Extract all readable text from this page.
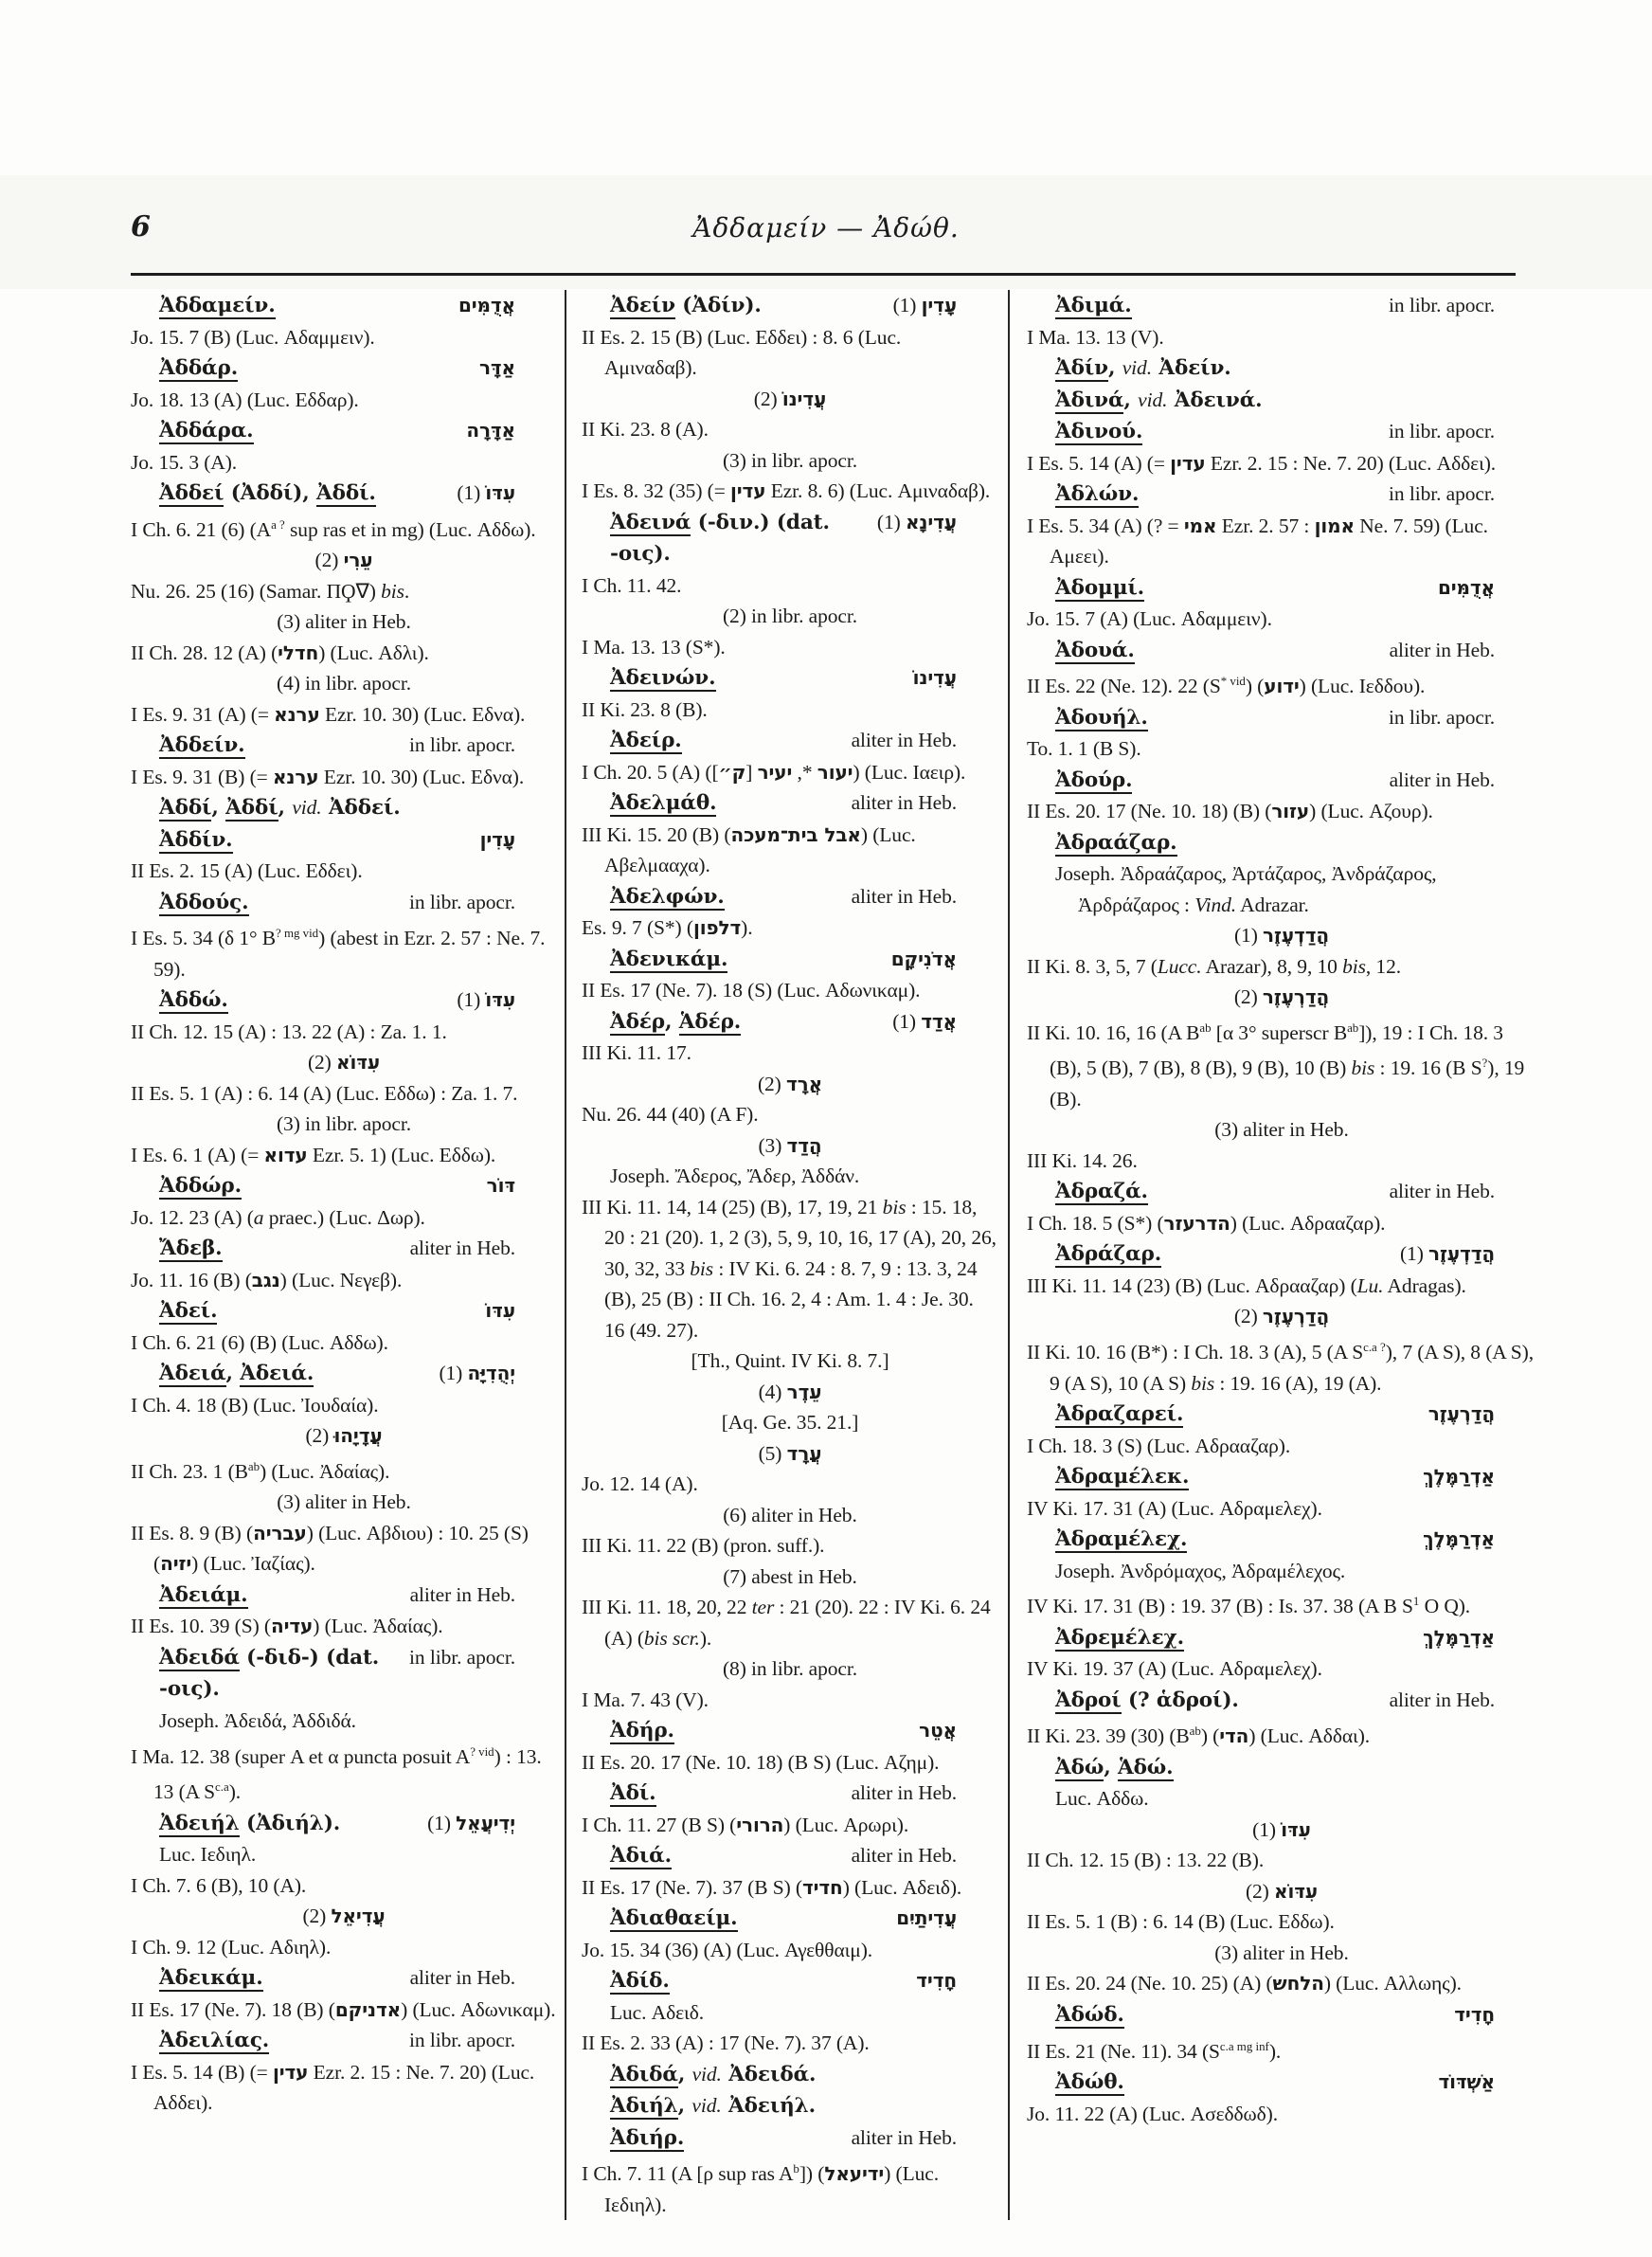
6	Ἀδδαμείν — Ἀδώθ.
Ἀδδαμείν.	אֲדֻמִּים
Jo. 15. 7 (B) (Luc. Αδαμμειν).
Ἀδδάρ.	אַדָּר
Jo. 18. 13 (A) (Luc. Εδδαρ).
Ἀδδάρα.	אַדָּרָה
Jo. 15. 3 (A).
Ἀδδεί (Ἀδδί), Ἀδδί.	(1) עִדּוֹ
I Ch. 6. 21 (6) ($A^{a ?}$ sup ras et in mg) (Luc. Αδδω).
(2) עֵרִי
Nu. 26. 25 (16) (Samar. ΠϘ∇) bis.
(3) aliter in Heb.
II Ch. 28. 12 (A) (חדלי) (Luc. Αδλι).
(4) in libr. apocr.
I Es. 9. 31 (A) (= ערנא Ezr. 10. 30) (Luc. Εδνα).
Ἀδδείν.	in libr. apocr.
I Es. 9. 31 (B) (= ערנא Ezr. 10. 30) (Luc. Εδνα).
Ἀδδί, Ἀδδί, vid. Ἀδδεί.
Ἀδδίν.	עָדִין
II Es. 2. 15 (A) (Luc. Εδδει).
Ἀδδούς.	in libr. apocr.
I Es. 5. 34 (δ 1° $B^{? mg vid}$) (abest in Ezr. 2. 57 : Ne. 7. 59).
Ἀδδώ.	(1) עִדּוֹ
II Ch. 12. 15 (A) : 13. 22 (A) : Za. 1. 1.
(2) עִדּוֹא
II Es. 5. 1 (A) : 6. 14 (A) (Luc. Εδδω) : Za. 1. 7.
(3) in libr. apocr.
I Es. 6. 1 (A) (= עדוא Ezr. 5. 1) (Luc. Εδδω).
Ἀδδώρ.	דּוֹר
Jo. 12. 23 (A) (a praec.) (Luc. Δωρ).
Ἄδεβ.	aliter in Heb.
Jo. 11. 16 (B) (נגב) (Luc. Νεγεβ).
Ἀδεί.	עִדּוֹ
I Ch. 6. 21 (6) (B) (Luc. Αδδω).
Ἀδειά, Ἀδειά.	(1) יְהֻדִיָּה
I Ch. 4. 18 (B) (Luc. Ἰουδαία).
(2) עֲדָיָהוּ
II Ch. 23. 1 $(B^{ab})$ (Luc. Ἀδαίας).
(3) aliter in Heb.
II Es. 8. 9 (B) (עבריה) (Luc. Αβδιου) : 10. 25 (S) (יזיה) (Luc. Ἰαζίας).
Ἀδειάμ.	aliter in Heb.
II Es. 10. 39 (S) (עדיה) (Luc. Ἀδαίας).
Ἀδειδά (-διδ-) (dat. -οις).
in libr. apocr.
Joseph. Ἀδειδά, Ἀδδιδά.
I Ma. 12. 38 (super Α et α puncta posuit $A^{? vid}$) : 13. 13 (A $S^{c.a}$).
Ἀδειήλ (Ἀδιήλ).	(1) יְדִיעֲאֵל
Luc. Ιεδιηλ.
I Ch. 7. 6 (B), 10 (A).
(2) עֲדִיאֵל
I Ch. 9. 12 (Luc. Αδιηλ).
Ἀδεικάμ.	aliter in Heb.
II Es. 17 (Ne. 7). 18 (B) (אדניקם) (Luc. Αδωνικαμ).
Ἀδειλίας.	in libr. apocr.
I Es. 5. 14 (B) (= עדין Ezr. 2. 15 : Ne. 7. 20) (Luc. Αδδει).
Ἀδείν (Ἀδίν).	(1) עָדִין
II Es. 2. 15 (B) (Luc. Εδδει) : 8. 6 (Luc. Αμιναδαβ).
(2) עֲדִינוֹ
II Ki. 23. 8 (A).
(3) in libr. apocr.
I Es. 8. 32 (35) (= עדין Ezr. 8. 6) (Luc. Αμιναδαβ).
Ἀδεινά (-διν.) (dat. -οις).
(1) עֲדִינָא
I Ch. 11. 42.
(2) in libr. apocr.
I Ma. 13. 13 (S*).
Ἀδεινών.	עֲדִינוֹ
II Ki. 23. 8 (B).
Ἀδείρ.	aliter in Heb.
I Ch. 20. 5 (A) (	יעור *, יעיר [ק״]) (Luc. Ιαειρ).
Ἀδελμάθ.	aliter in Heb.
III Ki. 15. 20 (B) (אבל בית־מעכה) (Luc. Αβελμααχα).
Ἀδελφών.	aliter in Heb.
Es. 9. 7 (S*) (דלפון).
Ἀδενικάμ.	אֲדֹנִיקָם
II Es. 17 (Ne. 7). 18 (S) (Luc. Αδωνικαμ).
Ἀδέρ, Ἁδέρ.	(1) אֲדַד
III Ki. 11. 17.
(2) אֲרָד
Nu. 26. 44 (40) (A F).
(3) הֲדַד
Joseph. Ἄδερος, Ἄδερ, Ἀδδάν.
III Ki. 11. 14, 14 (25) (B), 17, 19, 21 bis : 15. 18, 20 : 21 (20). 1, 2 (3), 5, 9, 10, 16, 17 (A), 20, 26, 30, 32, 33 bis : IV Ki. 6. 24 : 8. 7, 9 : 13. 3, 24 (B), 25 (B) : II Ch. 16. 2, 4 : Am. 1. 4 : Je. 30. 16 (49. 27).
[Th., Quint. IV Ki. 8. 7.]
(4) עֵדֶר
[Aq. Ge. 35. 21.]
(5) עֲרָד
Jo. 12. 14 (A).
(6) aliter in Heb.
III Ki. 11. 22 (B) (pron. suff.).
(7) abest in Heb.
III Ki. 11. 18, 20, 22 ter : 21 (20). 22 : IV Ki. 6. 24 (A) (bis scr.).
(8) in libr. apocr.
I Ma. 7. 43 (V).
Ἀδήρ.	אֲטֵר
II Es. 20. 17 (Ne. 10. 18) (B S) (Luc. Αζημ).
Ἀδί.	aliter in Heb.
I Ch. 11. 27 (B S) (הרורי) (Luc. Αρωρι).
Ἀδιά.	aliter in Heb.
II Es. 17 (Ne. 7). 37 (B S) (חדיד) (Luc. Αδειδ).
Ἀδιαθαείμ.	עֲדִיתַיִם
Jo. 15. 34 (36) (A) (Luc. Αγεθθαιμ).
Ἀδίδ.	חָדִיד
Luc. Αδειδ.
II Es. 2. 33 (A) : 17 (Ne. 7). 37 (A).
Ἀδιδά, vid. Ἀδειδά.
Ἀδιήλ, vid. Ἀδειήλ.
Ἀδιήρ.	aliter in Heb.
I Ch. 7. 11 (A [ρ sup ras $A^b$]) (ידיעאל) (Luc. Ιεδιηλ).
Ἀδιμά.	in libr. apocr.
I Ma. 13. 13 (V).
Ἀδίν, vid. Ἀδείν.
Ἀδινά, vid. Ἀδεινά.
Ἀδινού.	in libr. apocr.
I Es. 5. 14 (A) (= עדין Ezr. 2. 15 : Ne. 7. 20) (Luc. Αδδει).
Ἀδλών.	in libr. apocr.
I Es. 5. 34 (A) (? = אמי Ezr. 2. 57 : אמון Ne. 7. 59) (Luc. Αμεει).
Ἀδομμί.	אֲדֻמִּים
Jo. 15. 7 (A) (Luc. Αδαμμειν).
Ἀδουά.	aliter in Heb.
II Es. 22 (Ne. 12). 22 $(S^{* vid})$ (ידוע) (Luc. Ιεδδου).
Ἀδουήλ.	in libr. apocr.
To. 1. 1 (B S).
Ἀδούρ.	aliter in Heb.
II Es. 20. 17 (Ne. 10. 18) (B) (עזור) (Luc. Αζουρ).
Ἀδραάζαρ.
Joseph. Ἀδραάζαρος, Ἀρτάζαρος, Ἀνδράζαρος, Ἀρδράζαρος : Vind. Adrazar.
(1) הֲדַדְעֶזֶר
II Ki. 8. 3, 5, 7 (Lucc. Arazar), 8, 9, 10 bis, 12.
(2) הֲדַרְעֶזֶר
II Ki. 10. 16, 16 (A $B^{ab}$ [α 3° superscr $B^{ab}$]), 19 : I Ch. 18. 3 (B), 5 (B), 7 (B), 8 (B), 9 (B), 10 (B) bis : 19. 16 (B S?), 19 (B).
(3) aliter in Heb.
III Ki. 14. 26.
Ἀδραζά.	aliter in Heb.
I Ch. 18. 5 (S*) (הדרעזר) (Luc. Αδρααζαρ).
Ἀδράζαρ.	(1) הֲדַדְעֶזֶר
III Ki. 11. 14 (23) (B) (Luc. Αδρααζαρ) (Lu. Adragas).
(2) הֲדַרְעֶזֶר
II Ki. 10. 16 (B*) : I Ch. 18. 3 (A), 5 (A $S^{c.a ?}$), 7 (A S), 8 (A S), 9 (A S), 10 (A S) bis : 19. 16 (A), 19 (A).
Ἀδραζαρεί.	הֲדַרְעֶזֶר
I Ch. 18. 3 (S) (Luc. Αδρααζαρ).
Ἀδραμέλεκ.	אַדְרַמֶּלֶךְ
IV Ki. 17. 31 (A) (Luc. Αδραμελεχ).
Ἀδραμέλεχ.	אַדְרַמֶּלֶךְ
Joseph. Ἀνδρόμαχος, Ἀδραμέλεχος.
IV Ki. 17. 31 (B) : 19. 37 (B) : Is. 37. 38 (A B $S^1$ O Q).
Ἀδρεμέλεχ.	אַדְרַמֶּלֶךְ
IV Ki. 19. 37 (A) (Luc. Αδραμελεχ).
Ἀδροί (? ἁδροί).	aliter in Heb.
II Ki. 23. 39 (30) $(B^{ab})$ (הדי) (Luc. Αδδαι).
Ἀδώ, Ἁδώ.
Luc. Αδδω.
(1) עִדּוֹ
II Ch. 12. 15 (B) : 13. 22 (B).
(2) עִדּוֹא
II Es. 5. 1 (B) : 6. 14 (B) (Luc. Εδδω).
(3) aliter in Heb.
II Es. 20. 24 (Ne. 10. 25) (A) (הלחש) (Luc. Αλλωης).
Ἀδώδ.	חָדִיד
II Es. 21 (Ne. 11). 34 $(S^{c.a mg inf})$.
Ἀδώθ.	אַשְׁדּוֹד
Jo. 11. 22 (A) (Luc. Ασεδδωδ).
